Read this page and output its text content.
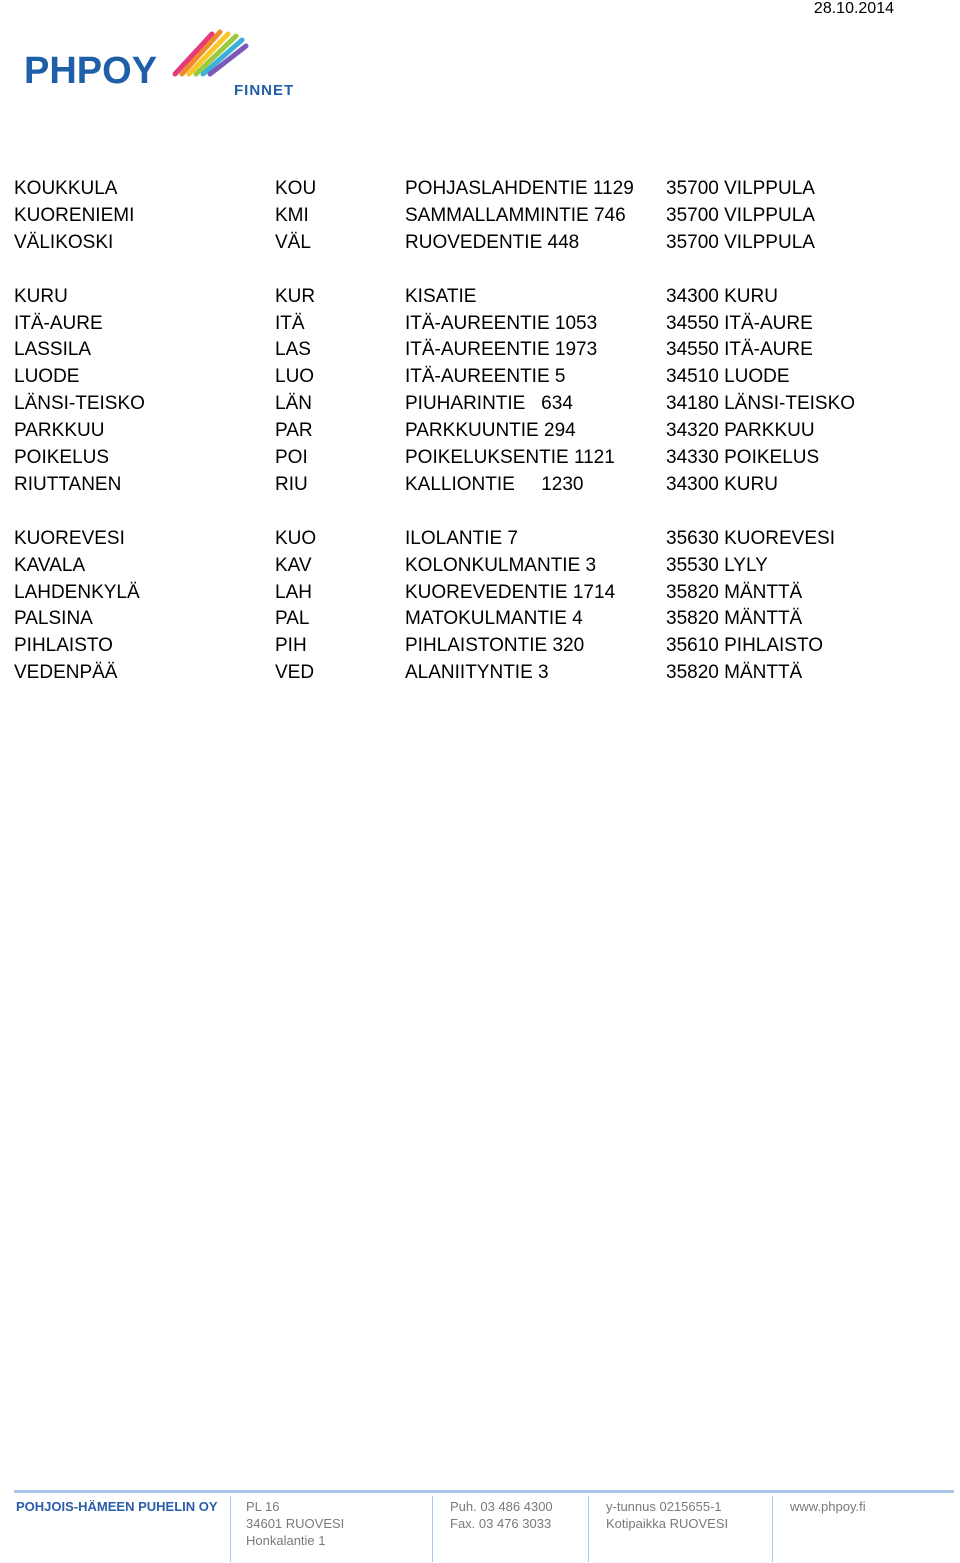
28.10.2014
PHPOY	FINNET
KOUKKULA	KOU	POHJASLAHDENTIE 1129	35700 VILPPULA
KUORENIEMI	KMI	SAMMALLAMMINTIE 746	35700 VILPPULA
VÄLIKOSKI	VÄL	RUOVEDENTIE 448	35700 VILPPULA
KURU	KUR	KISATIE	34300 KURU
ITÄ-AURE	ITÄ	ITÄ-AUREENTIE 1053	34550 ITÄ-AURE
LASSILA	LAS	ITÄ-AUREENTIE 1973	34550 ITÄ-AURE
LUODE	LUO	ITÄ-AUREENTIE 5	34510 LUODE
LÄNSI-TEISKO	LÄN	PIUHARINTIE   634	34180 LÄNSI-TEISKO
PARKKUU	PAR	PARKKUUNTIE 294	34320 PARKKUU
POIKELUS	POI	POIKELUKSENTIE 1121	34330 POIKELUS
RIUTTANEN	RIU	KALLIONTIE     1230	34300 KURU
KUOREVESI	KUO	ILOLANTIE 7	35630 KUOREVESI
KAVALA	KAV	KOLONKULMANTIE 3	35530 LYLY
LAHDENKYLÄ	LAH	KUOREVEDENTIE 1714	35820 MÄNTTÄ
PALSINA	PAL	MATOKULMANTIE 4	35820 MÄNTTÄ
PIHLAISTO	PIH	PIHLAISTONTIE 320	35610 PIHLAISTO
VEDENPÄÄ	VED	ALANIITYNTIE 3	35820 MÄNTTÄ
POHJOIS-HÄMEEN PUHELIN OY PL 16
34601 RUOVESI
Honkalantie 1
Puh. 03 486 4300
Fax. 03 476 3033
y-tunnus 0215655-1
Kotipaikka RUOVESI
www.phpoy.fi
